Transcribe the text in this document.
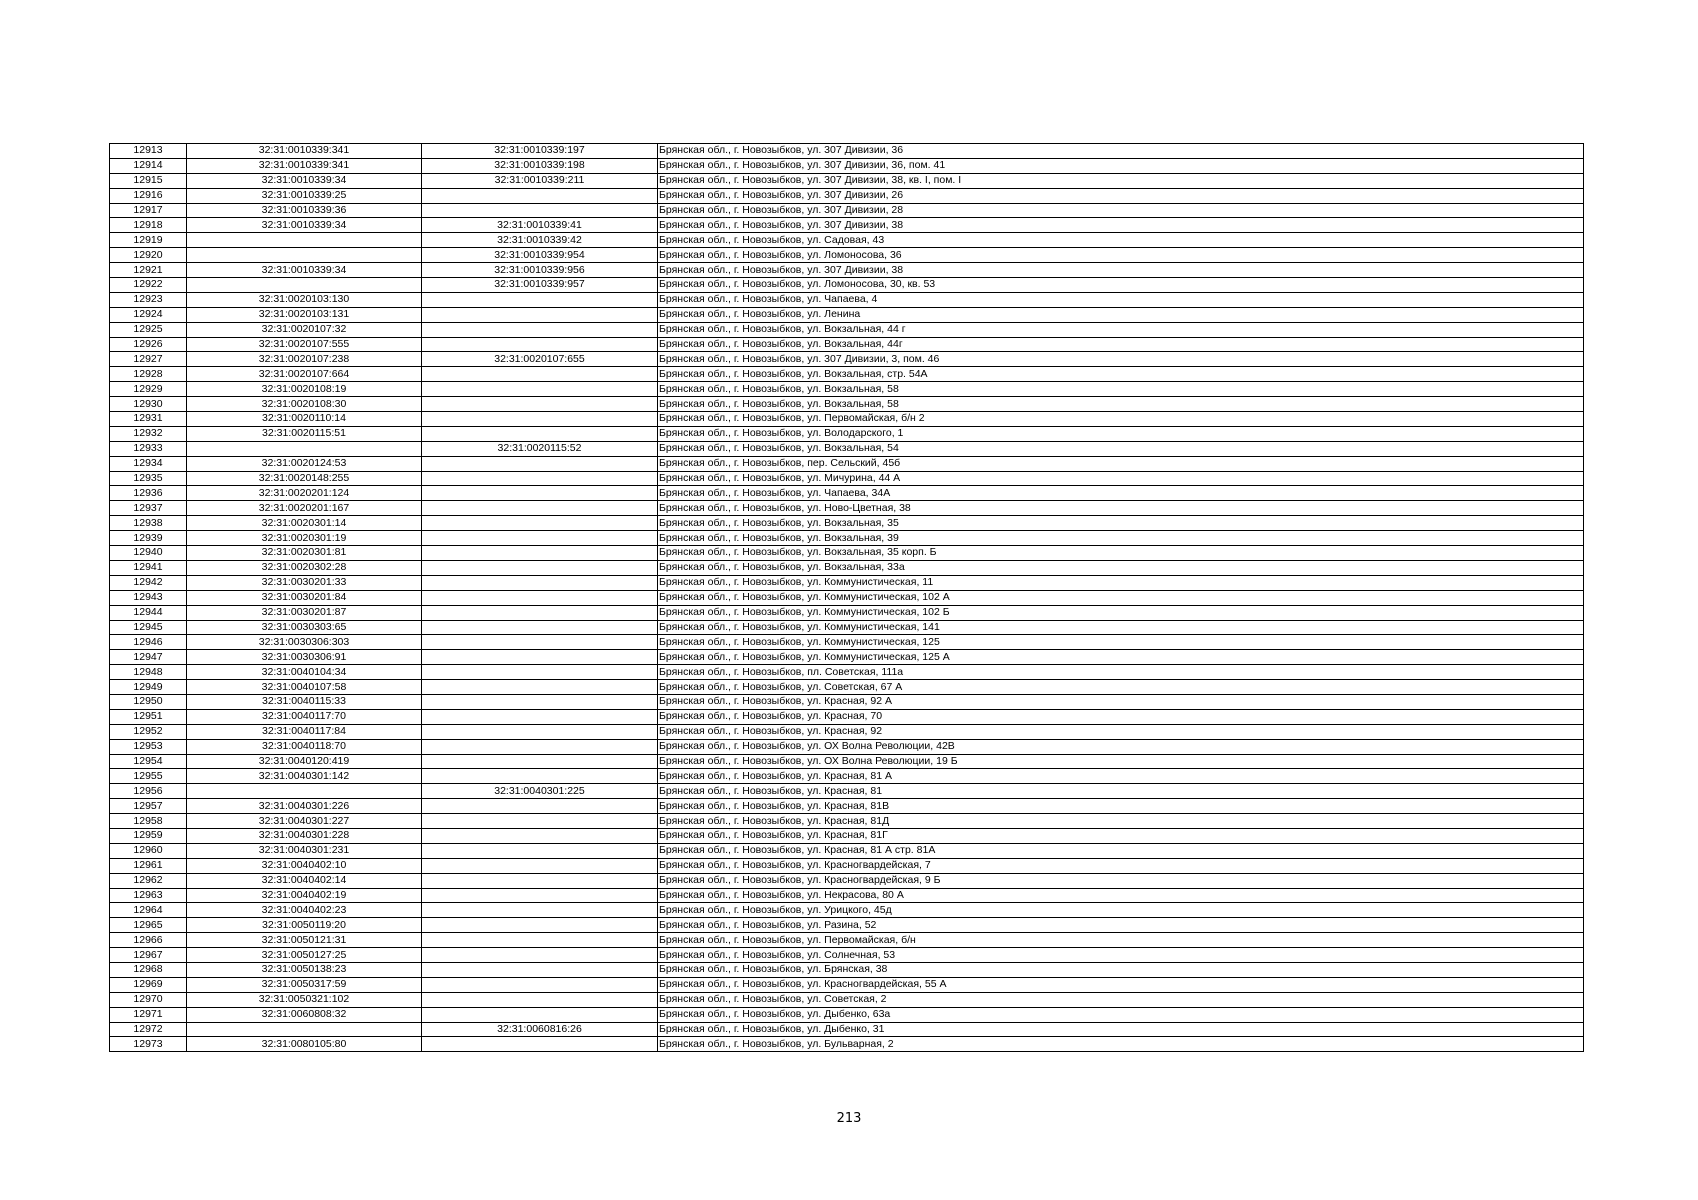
12913	32:31:0010339:341	32:31:0010339:197	Брянская обл., г. Новозыбков, ул. 307 Дивизии, 36
12914	32:31:0010339:341	32:31:0010339:198	Брянская обл., г. Новозыбков, ул. 307 Дивизии, 36, пом. 41
12915	32:31:0010339:34	32:31:0010339:211	Брянская обл., г. Новозыбков, ул. 307 Дивизии, 38, кв. I, пом. I
12916	32:31:0010339:25		Брянская обл., г. Новозыбков, ул. 307 Дивизии, 26
12917	32:31:0010339:36		Брянская обл., г. Новозыбков, ул. 307 Дивизии, 28
12918	32:31:0010339:34	32:31:0010339:41	Брянская обл., г. Новозыбков, ул. 307 Дивизии, 38
12919		32:31:0010339:42	Брянская обл., г. Новозыбков, ул. Садовая, 43
12920		32:31:0010339:954	Брянская обл., г. Новозыбков, ул. Ломоносова, 36
12921	32:31:0010339:34	32:31:0010339:956	Брянская обл., г. Новозыбков, ул. 307 Дивизии, 38
12922		32:31:0010339:957	Брянская обл., г. Новозыбков, ул. Ломоносова, 30, кв. 53
12923	32:31:0020103:130		Брянская обл., г. Новозыбков, ул. Чапаева, 4
12924	32:31:0020103:131		Брянская обл., г. Новозыбков, ул. Ленина
12925	32:31:0020107:32		Брянская обл., г. Новозыбков, ул. Вокзальная, 44 г
12926	32:31:0020107:555		Брянская обл., г. Новозыбков, ул. Вокзальная, 44г
12927	32:31:0020107:238	32:31:0020107:655	Брянская обл., г. Новозыбков, ул. 307 Дивизии, 3, пом. 46
12928	32:31:0020107:664		Брянская обл., г. Новозыбков, ул. Вокзальная, стр. 54А
12929	32:31:0020108:19		Брянская обл., г. Новозыбков, ул. Вокзальная, 58
12930	32:31:0020108:30		Брянская обл., г. Новозыбков, ул. Вокзальная, 58
12931	32:31:0020110:14		Брянская обл., г. Новозыбков, ул. Первомайская, б/н 2
12932	32:31:0020115:51		Брянская обл., г. Новозыбков, ул. Володарского, 1
12933		32:31:0020115:52	Брянская обл., г. Новозыбков, ул. Вокзальная, 54
12934	32:31:0020124:53		Брянская обл., г. Новозыбков, пер. Сельский, 45б
12935	32:31:0020148:255		Брянская обл., г. Новозыбков, ул. Мичурина, 44 А
12936	32:31:0020201:124		Брянская обл., г. Новозыбков, ул. Чапаева, 34А
12937	32:31:0020201:167		Брянская обл., г. Новозыбков, ул. Ново-Цветная, 38
12938	32:31:0020301:14		Брянская обл., г. Новозыбков, ул. Вокзальная, 35
12939	32:31:0020301:19		Брянская обл., г. Новозыбков, ул. Вокзальная, 39
12940	32:31:0020301:81		Брянская обл., г. Новозыбков, ул. Вокзальная, 35 корп. Б
12941	32:31:0020302:28		Брянская обл., г. Новозыбков, ул. Вокзальная, 33а
12942	32:31:0030201:33		Брянская обл., г. Новозыбков, ул. Коммунистическая, 11
12943	32:31:0030201:84		Брянская обл., г. Новозыбков, ул. Коммунистическая, 102 А
12944	32:31:0030201:87		Брянская обл., г. Новозыбков, ул. Коммунистическая, 102 Б
12945	32:31:0030303:65		Брянская обл., г. Новозыбков, ул. Коммунистическая, 141
12946	32:31:0030306:303		Брянская обл., г. Новозыбков, ул. Коммунистическая, 125
12947	32:31:0030306:91		Брянская обл., г. Новозыбков, ул. Коммунистическая, 125 А
12948	32:31:0040104:34		Брянская обл., г. Новозыбков, пл. Советская, 111а
12949	32:31:0040107:58		Брянская обл., г. Новозыбков, ул. Советская, 67 А
12950	32:31:0040115:33		Брянская обл., г. Новозыбков, ул. Красная, 92 А
12951	32:31:0040117:70		Брянская обл., г. Новозыбков, ул. Красная, 70
12952	32:31:0040117:84		Брянская обл., г. Новозыбков, ул. Красная, 92
12953	32:31:0040118:70		Брянская обл., г. Новозыбков, ул. ОХ Волна Революции, 42В
12954	32:31:0040120:419		Брянская обл., г. Новозыбков, ул. ОХ Волна Революции, 19 Б
12955	32:31:0040301:142		Брянская обл., г. Новозыбков, ул. Красная, 81 А
12956		32:31:0040301:225	Брянская обл., г. Новозыбков, ул. Красная, 81
12957	32:31:0040301:226		Брянская обл., г. Новозыбков, ул. Красная, 81В
12958	32:31:0040301:227		Брянская обл., г. Новозыбков, ул. Красная, 81Д
12959	32:31:0040301:228		Брянская обл., г. Новозыбков, ул. Красная, 81Г
12960	32:31:0040301:231		Брянская обл., г. Новозыбков, ул. Красная, 81 А стр. 81А
12961	32:31:0040402:10		Брянская обл., г. Новозыбков, ул. Красногвардейская, 7
12962	32:31:0040402:14		Брянская обл., г. Новозыбков, ул. Красногвардейская, 9 Б
12963	32:31:0040402:19		Брянская обл., г. Новозыбков, ул. Некрасова, 80 А
12964	32:31:0040402:23		Брянская обл., г. Новозыбков, ул. Урицкого, 45д
12965	32:31:0050119:20		Брянская обл., г. Новозыбков, ул. Разина, 52
12966	32:31:0050121:31		Брянская обл., г. Новозыбков, ул. Первомайская, б/н
12967	32:31:0050127:25		Брянская обл., г. Новозыбков, ул. Солнечная, 53
12968	32:31:0050138:23		Брянская обл., г. Новозыбков, ул. Брянская, 38
12969	32:31:0050317:59		Брянская обл., г. Новозыбков, ул. Красногвардейская, 55 А
12970	32:31:0050321:102		Брянская обл., г. Новозыбков, ул. Советская, 2
12971	32:31:0060808:32		Брянская обл., г. Новозыбков, ул. Дыбенко, 63а
12972		32:31:0060816:26	Брянская обл., г. Новозыбков, ул. Дыбенко, 31
12973	32:31:0080105:80		Брянская обл., г. Новозыбков, ул. Бульварная, 2
213
